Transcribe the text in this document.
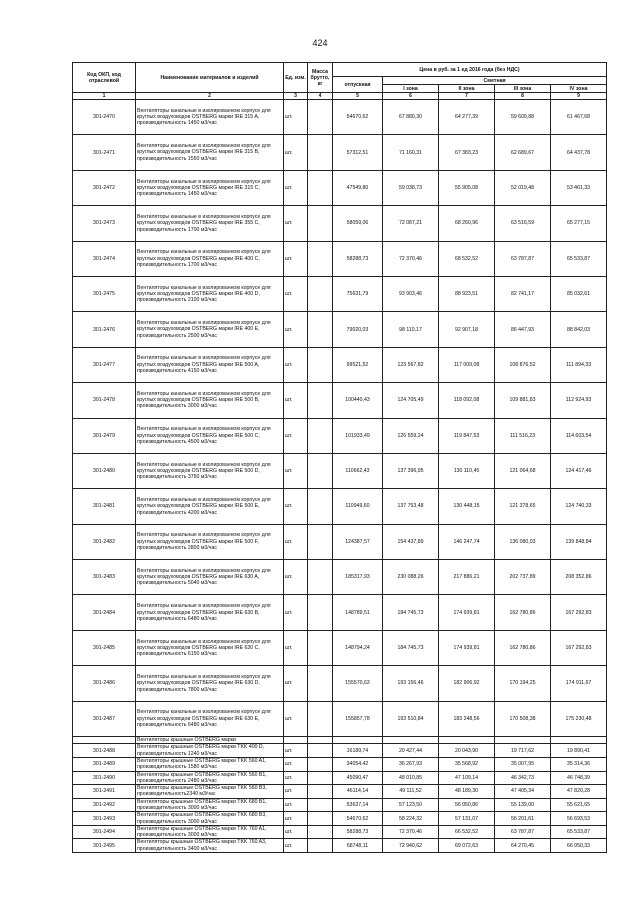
424
Код ОКП, код отраслевой	Наименование материалов и изделий	Ед. изм.	Масса брутто, кг	Цена в руб. за 1 ед 2016 года (без НДС)				
				отпускная	Сметная			
					I зона	II зона	III зона	IV зона
1	2	3	4	5	6	7	8	9
301-2470	Вентиляторы канальные в изолированном корпусе для круглых воздуховодов OSTBERG марки IRE 315 A, производительность 1450 м3/час	шт.		54670,62	67 880,30	64 277,39	59 609,88	61 467,68
301-2471	Вентиляторы канальные в изолированном корпусе для круглых воздуховодов OSTBERG марки IRE 315 B, производительность 1550 м3/час	шт.		57312,51	71 160,31	67 383,23	62 689,67	64 437,78
301-2472	Вентиляторы канальные в изолированном корпусе для круглых воздуховодов OSTBERG марки IRE 315 C, производительность 1450 м3/час	шт.		47549,80	59 038,73	55 905,08	52 019,48	53 461,33
301-2473	Вентиляторы канальные в изолированном корпусе для круглых воздуховодов OSTBERG марки IRE 355 C, производительность 1700 м3/час	шт.		58059,06	72 087,21	68 260,96	63 516,59	65 277,15
301-2474	Вентиляторы канальные в изолированном корпусе для круглых воздуховодов OSTBERG марки IRE 400 C, производительность 1700 м3/час	шт.		58288,73	72 370,46	68 532,52	63 787,87	65 533,87
301-2475	Вентиляторы канальные в изолированном корпусе для круглых воздуховодов OSTBERG марки IRE 400 D, производительность 2100 м3/час	шт.		75631,79	93 903,46	88 923,51	82 741,17	85 032,61
301-2476	Вентиляторы канальные в изолированном корпусе для круглых воздуховодов OSTBERG марки IRE 400 E, производительность 2500 м3/час	шт.		79020,03	98 110,17	92 907,18	86 447,93	88 842,03
301-2477	Вентиляторы канальные в изолированном корпусе для круглых воздуховодов OSTBERG марки IRE 500 A, производительность 4150 м3/час	шт.		99521,52	123 567,82	117 009,08	108 876,52	111 894,33
301-2478	Вентиляторы канальные в изолированном корпусе для круглых воздуховодов OSTBERG марки IRE 500 B, производительность 3000 м3/час	шт.		100440,43	124 705,49	118 092,08	109 881,83	112 924,93
301-2479	Вентиляторы канальные в изолированном корпусе для круглых воздуховодов OSTBERG марки IRE 500 C, производительность 4500 м3/час	шт.		101933,49	126 559,24	119 847,53	111 516,23	114 603,54
301-2480	Вентиляторы канальные в изолированном корпусе для круглых воздуховодов OSTBERG марки IRE 500 D, производительность 3750 м3/час	шт.		110662,43	137 396,95	130 110,45	121 064,68	124 417,46
301-2481	Вентиляторы канальные в изолированном корпусе для круглых воздуховодов OSTBERG марки IRE 500 E, производительность 4200 м3/час	шт.		110949,60	137 753,48	130 448,15	121 378,65	124 740,33
301-2482	Вентиляторы канальные в изолированном корпусе для круглых воздуховодов OSTBERG марки IRE 500 F, производительность 2800 м3/час	шт.		124387,57	154 437,89	146 247,74	136 080,03	139 848,84
301-2483	Вентиляторы канальные в изолированном корпусе для круглых воздуховодов OSTBERG марки IRE 630 A, производительность 5040 м3/час	шт.		185317,93	230 088,26	217 886,21	202 737,89	208 352,86
301-2484	Вентиляторы канальные в изолированном корпусе для круглых воздуховодов OSTBERG марки IRE 630 B, производительность 6480 м3/час	шт.		148789,51	184 745,73	174 939,81	162 780,86	167 292,83
301-2485	Вентиляторы канальные в изолированном корпусе для круглых воздуховодов OSTBERG марки IRE 630 C, производительность 6150 м3/час	шт.		148794,24	184 745,73	174 939,81	162 780,86	167 292,83
301-2486	Вентиляторы канальные в изолированном корпусе для круглых воздуховодов OSTBERG марки IRE 630 D, производительность 7800 м3/час	шт.		155570,63	193 156,46	182 906,92	170 194,25	174 911,67
301-2487	Вентиляторы канальные в изолированном корпусе для круглых воздуховодов OSTBERG марки IRE 630 E, производительность 6480 м3/час	шт.		155857,78	193 510,84	183 248,56	170 508,38	175 230,48
	Вентиляторы крышные OSTBERG марки							
301-2488	Вентиляторы крышные OSTBERG марки TKK 400 D, производительность 1240 м3/час	шт.		16189,74	20 427,44	20 043,90	19 717,62	19 890,41
301-2489	Вентиляторы крышные OSTBERG марки TKK 560 A1, производительность 1580 м3/час	шт.		34054,42	36 267,93	35 568,92	35 007,95	35 314,36
301-2490	Вентиляторы крышные OSTBERG марки TKK 560 B1, производительность 2480 м3/час	шт.		45090,47	48 010,85	47 109,14	46 342,73	46 748,39
301-2491	Вентиляторы крышные OSTBERG марки TKK 560 B3, производительность2340 м3/час	шт.		46114,14	49 111,52	48 189,30	47 405,34	47 820,28
301-2492	Вентиляторы крышные OSTBERG марки TKK 680 B1, производительность 3000 м3/час	шт.		53637,14	57 123,50	56 050,86	55 139,00	55 621,65
301-2493	Вентиляторы крышные OSTBERG марки TKK 680 B3, производительность 3000 м3/час	шт.		54670,62	58 224,32	57 131,07	56 201,61	56 693,53
301-2494	Вентиляторы крышные OSTBERG марки TKK 760 A1, производительность 3000 м3/час	шт.		58288,73	72 370,46	66 532,52	63 787,87	65 533,87
301-2495	Вентиляторы крышные OSTBERG марки TKK 760 A3, производительность 3400 м3/час	шт.		68748,11	72 940,62	69 072,63	64 270,45	66 050,33
